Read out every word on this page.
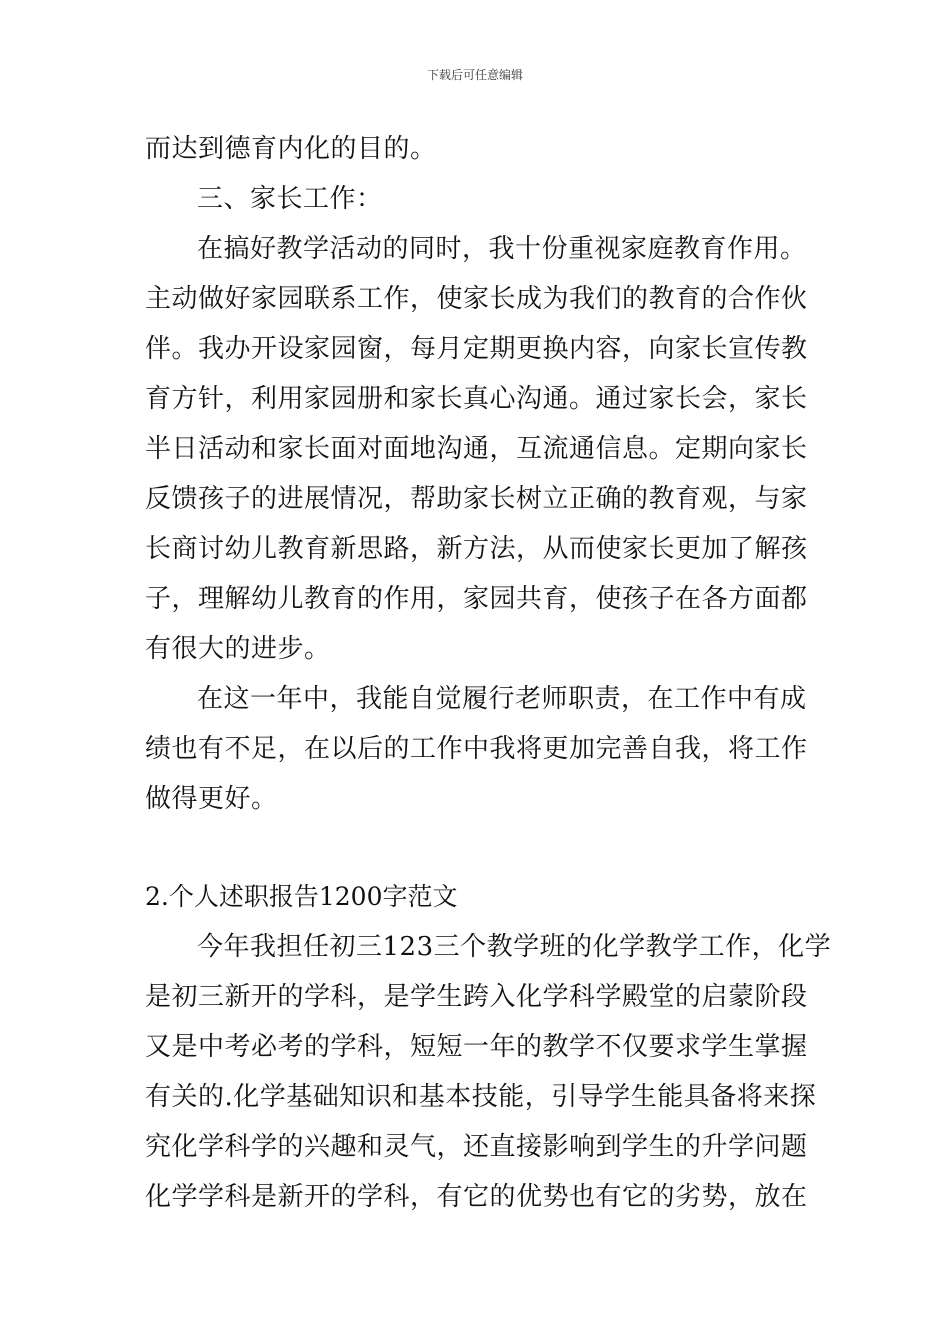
下载后可任意编辑
而达到德育内化的目的。
三、家长工作：
在搞好教学活动的同时，我十份重视家庭教育作用。
主动做好家园联系工作，使家长成为我们的教育的合作伙
伴。我办开设家园窗，每月定期更换内容，向家长宣传教
育方针，利用家园册和家长真心沟通。通过家长会，家长
半日活动和家长面对面地沟通，互流通信息。定期向家长
反馈孩子的进展情况，帮助家长树立正确的教育观，与家
长商讨幼儿教育新思路，新方法，从而使家长更加了解孩
子，理解幼儿教育的作用，家园共育，使孩子在各方面都
有很大的进步。
在这一年中，我能自觉履行老师职责，在工作中有成
绩也有不足，在以后的工作中我将更加完善自我，将工作
做得更好。
2.个人述职报告1200字范文
今年我担任初三123三个教学班的化学教学工作，化学
是初三新开的学科，是学生跨入化学科学殿堂的启蒙阶段
又是中考必考的学科，短短一年的教学不仅要求学生掌握
有关的.化学基础知识和基本技能，引导学生能具备将来探
究化学科学的兴趣和灵气，还直接影响到学生的升学问题
化学学科是新开的学科，有它的优势也有它的劣势，放在
